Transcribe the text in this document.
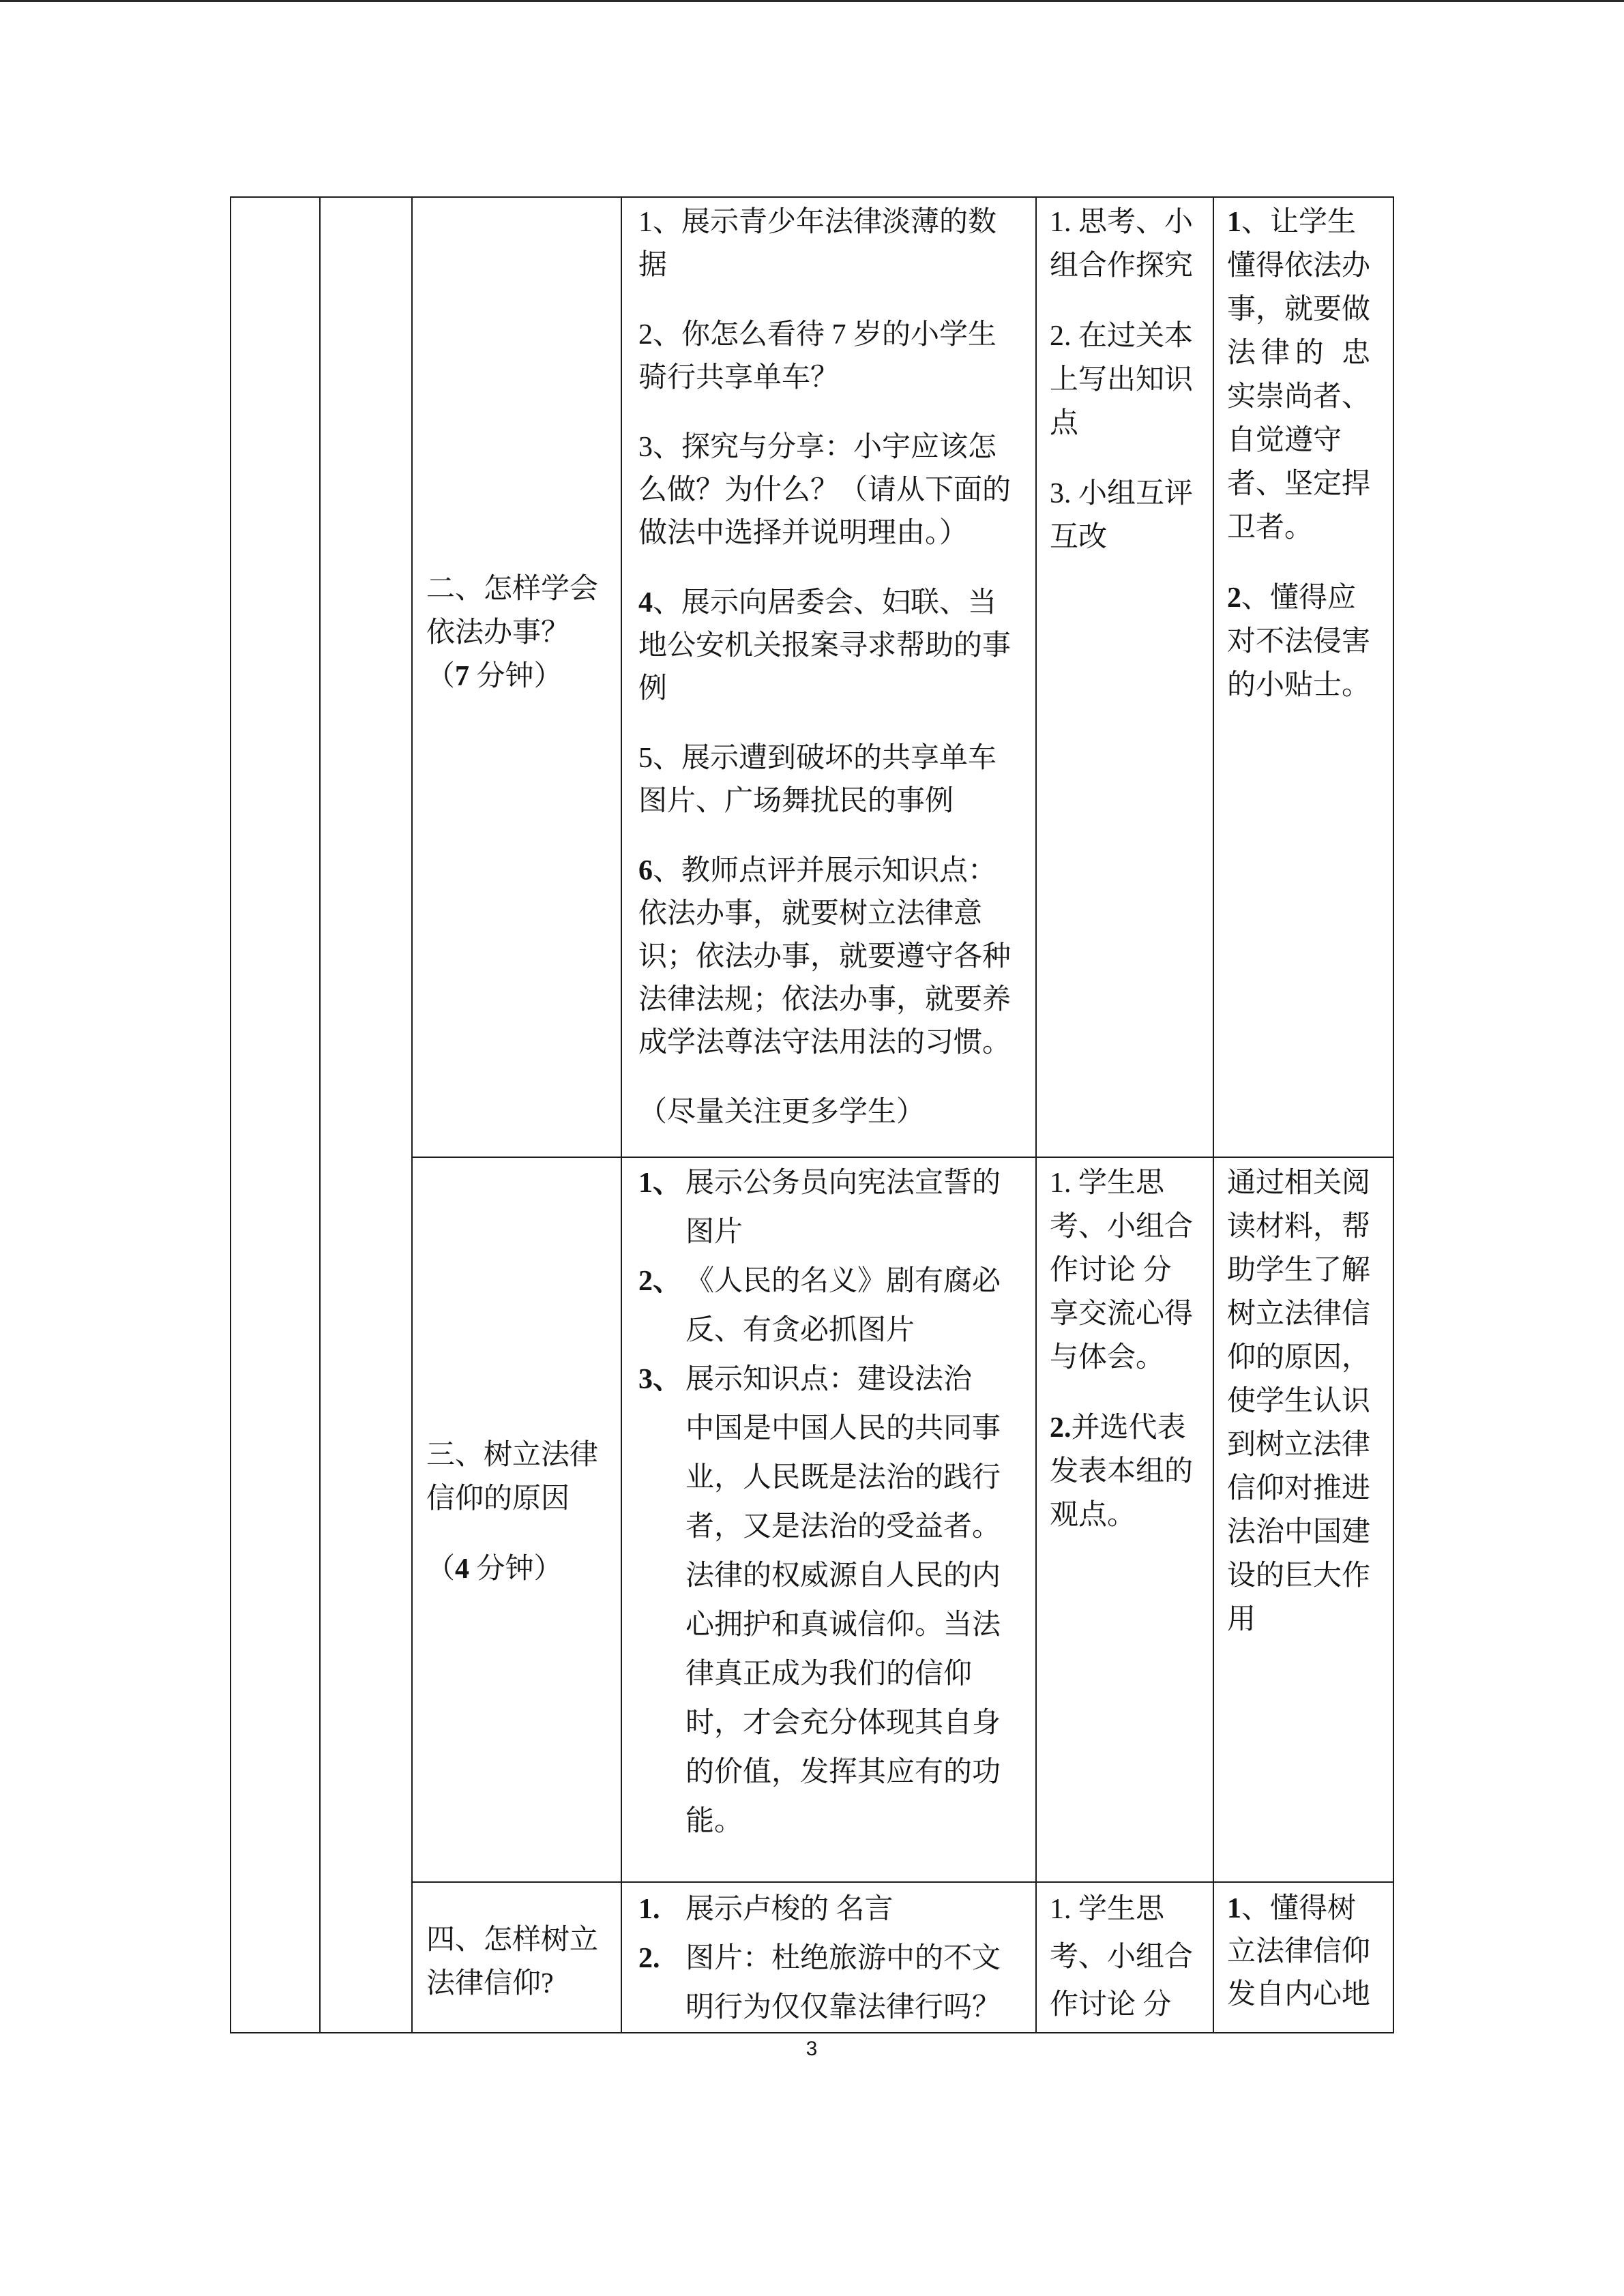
二、怎样学会
依法办事？
（7 分钟）
1、展示青少年法律淡薄的数
据
2、你怎么看待 7 岁的小学生
骑行共享单车？
3、探究与分享：小宇应该怎
么做？为什么？（请从下面的
做法中选择并说明理由。）
4、展示向居委会、妇联、当
地公安机关报案寻求帮助的事
例
5、展示遭到破坏的共享单车
图片、广场舞扰民的事例
6、教师点评并展示知识点：
依法办事，就要树立法律意
识；依法办事，就要遵守各种
法律法规；依法办事，就要养
成学法尊法守法用法的习惯。
（尽量关注更多学生）
1. 思考、小
组合作探究
2. 在过关本
上写出知识
点
3. 小组互评
互改
1、让学生
懂得依法办
事，就要做
法律的 忠
实崇尚者、
自觉遵守
者、坚定捍
卫者。
2、懂得应
对不法侵害
的小贴士。
三、树立法律
信仰的原因
（4 分钟）
1、 展示公务员向宪法宣誓的
图片
2、 《人民的名义》剧有腐必
反、有贪必抓图片
3、 展示知识点：建设法治
中国是中国人民的共同事
业，人民既是法治的践行
者，又是法治的受益者。
法律的权威源自人民的内
心拥护和真诚信仰。当法
律真正成为我们的信仰
时，才会充分体现其自身
的价值，发挥其应有的功
能。
1. 学生思
考、小组合
作讨论 分
享交流心得
与体会。
2.并选代表
发表本组的
观点。
通过相关阅
读材料，帮
助学生了解
树立法律信
仰的原因，
使学生认识
到树立法律
信仰对推进
法治中国建
设的巨大作
用
四、怎样树立
法律信仰?
1. 展示卢梭的 名言
2. 图片：杜绝旅游中的不文
明行为仅仅靠法律行吗？
1. 学生思
考、小组合
作讨论 分
1、懂得树
立法律信仰
发自内心地
3
